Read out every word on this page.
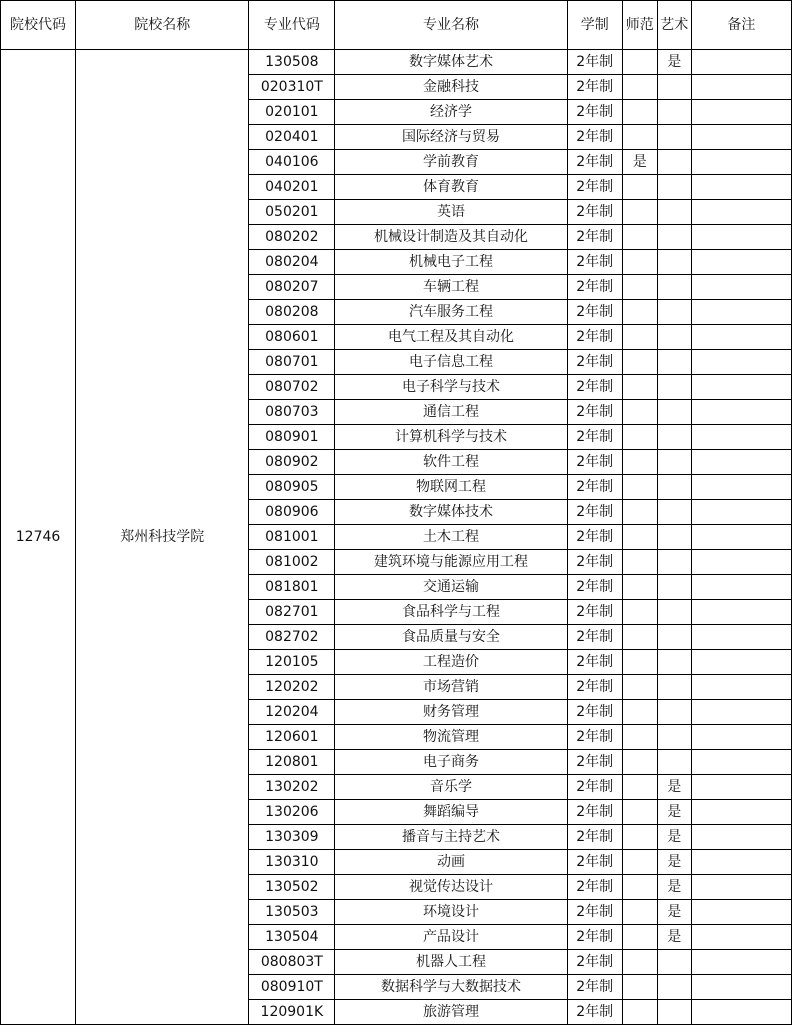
院校代码	院校名称	专业代码	专业名称	学制	师范	艺术	备注
12746	郑州科技学院	130508	数字媒体艺术	2年制		是	
		020310T	金融科技	2年制			
		020101	经济学	2年制			
		020401	国际经济与贸易	2年制			
		040106	学前教育	2年制	是		
		040201	体育教育	2年制			
		050201	英语	2年制			
		080202	机械设计制造及其自动化	2年制			
		080204	机械电子工程	2年制			
		080207	车辆工程	2年制			
		080208	汽车服务工程	2年制			
		080601	电气工程及其自动化	2年制			
		080701	电子信息工程	2年制			
		080702	电子科学与技术	2年制			
		080703	通信工程	2年制			
		080901	计算机科学与技术	2年制			
		080902	软件工程	2年制			
		080905	物联网工程	2年制			
		080906	数字媒体技术	2年制			
		081001	土木工程	2年制			
		081002	建筑环境与能源应用工程	2年制			
		081801	交通运输	2年制			
		082701	食品科学与工程	2年制			
		082702	食品质量与安全	2年制			
		120105	工程造价	2年制			
		120202	市场营销	2年制			
		120204	财务管理	2年制			
		120601	物流管理	2年制			
		120801	电子商务	2年制			
		130202	音乐学	2年制		是	
		130206	舞蹈编导	2年制		是	
		130309	播音与主持艺术	2年制		是	
		130310	动画	2年制		是	
		130502	视觉传达设计	2年制		是	
		130503	环境设计	2年制		是	
		130504	产品设计	2年制		是	
		080803T	机器人工程	2年制			
		080910T	数据科学与大数据技术	2年制			
		120901K	旅游管理	2年制			
